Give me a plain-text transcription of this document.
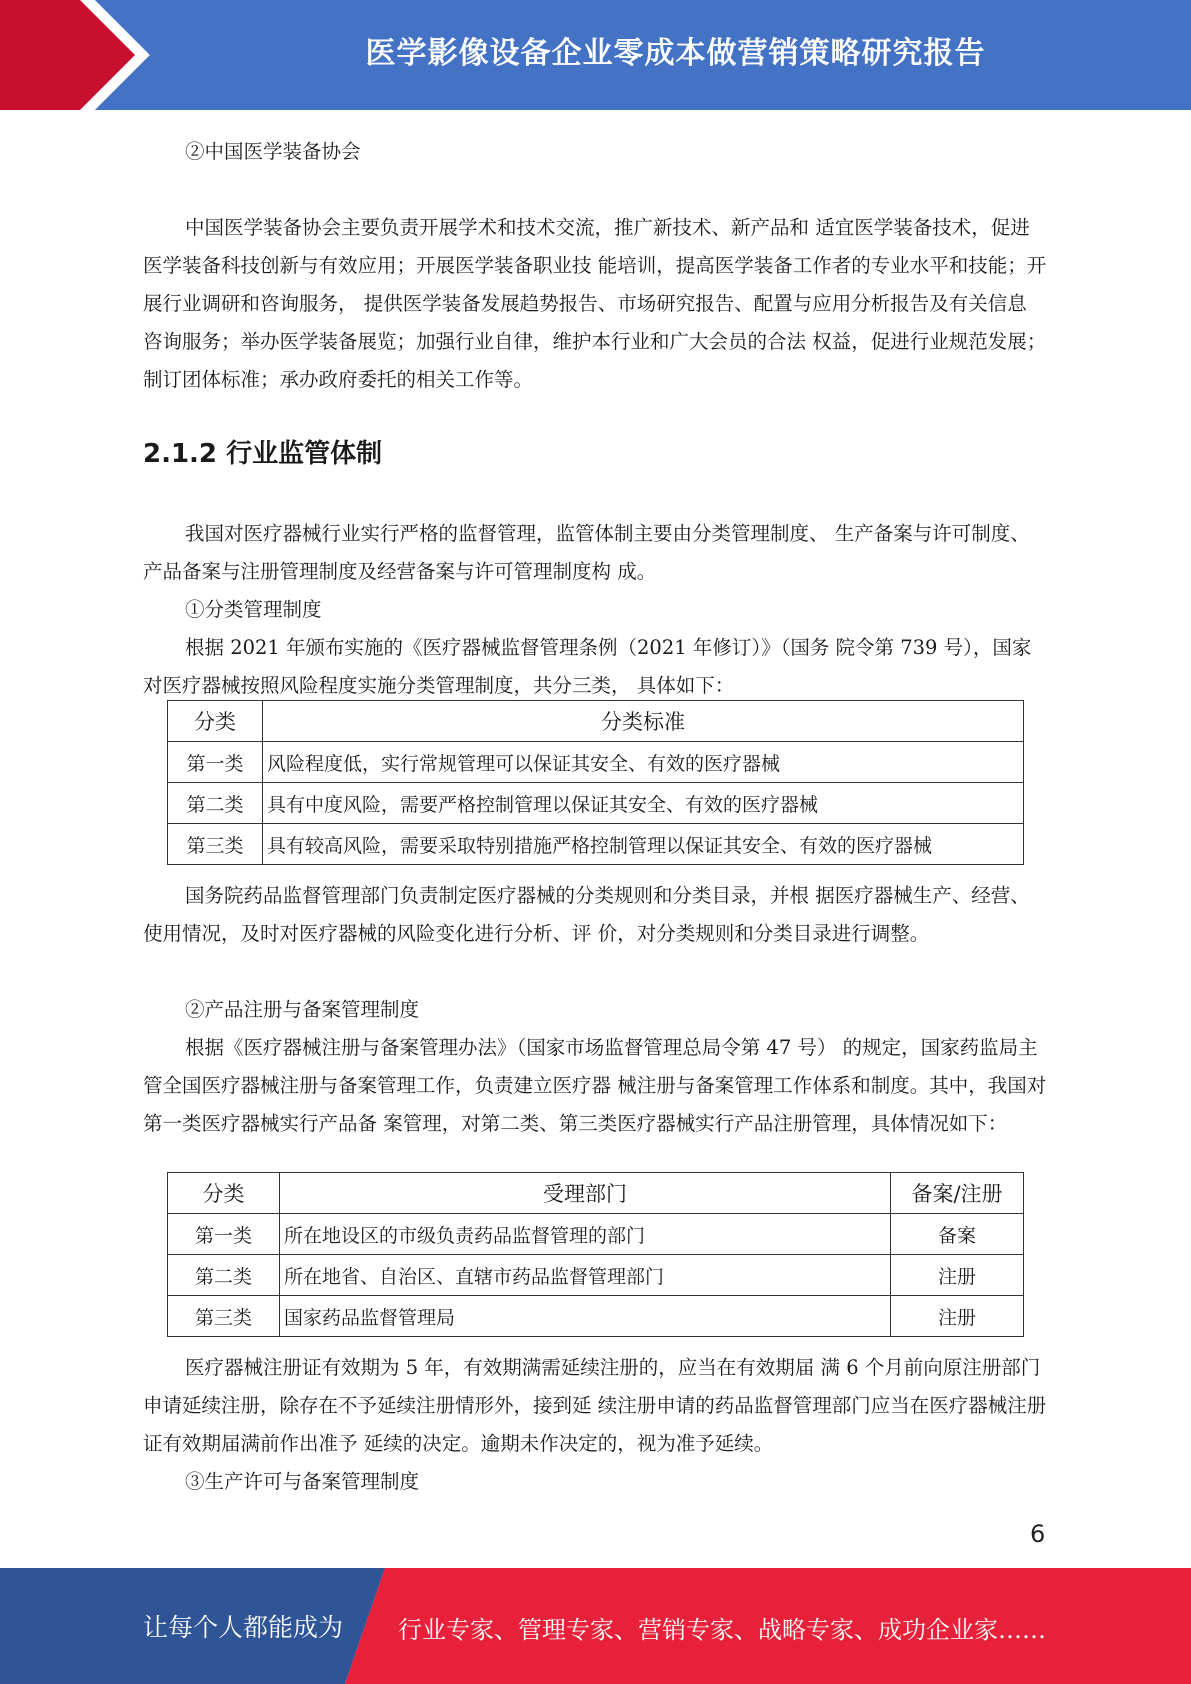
医学影像设备企业零成本做营销策略研究报告

②中国医学装备协会

中国医学装备协会主要负责开展学术和技术交流，推广新技术、新产品和 适宜医学装备技术，促进医学装备科技创新与有效应用；开展医学装备职业技 能培训，提高医学装备工作者的专业水平和技能；开展行业调研和咨询服务， 提供医学装备发展趋势报告、市场研究报告、配置与应用分析报告及有关信息 咨询服务；举办医学装备展览；加强行业自律，维护本行业和广大会员的合法 权益，促进行业规范发展；制订团体标准；承办政府委托的相关工作等。

2.1.2 行业监管体制

我国对医疗器械行业实行严格的监督管理，监管体制主要由分类管理制度、 生产备案与许可制度、产品备案与注册管理制度及经营备案与许可管理制度构 成。

①分类管理制度

根据 2021 年颁布实施的《医疗器械监督管理条例（2021 年修订）》（国务 院令第 739 号），国家对医疗器械按照风险程度实施分类管理制度，共分三类， 具体如下：

分类	分类标准
第一类	风险程度低，实行常规管理可以保证其安全、有效的医疗器械
第二类	具有中度风险，需要严格控制管理以保证其安全、有效的医疗器械
第三类	具有较高风险，需要采取特别措施严格控制管理以保证其安全、有效的医疗器械

国务院药品监督管理部门负责制定医疗器械的分类规则和分类目录，并根 据医疗器械生产、经营、使用情况，及时对医疗器械的风险变化进行分析、评 价，对分类规则和分类目录进行调整。

②产品注册与备案管理制度

根据《医疗器械注册与备案管理办法》（国家市场监督管理总局令第 47 号） 的规定，国家药监局主管全国医疗器械注册与备案管理工作，负责建立医疗器 械注册与备案管理工作体系和制度。其中，我国对第一类医疗器械实行产品备 案管理，对第二类、第三类医疗器械实行产品注册管理，具体情况如下：

分类	受理部门	备案/注册
第一类	所在地设区的市级负责药品监督管理的部门	备案
第二类	所在地省、自治区、直辖市药品监督管理部门	注册
第三类	国家药品监督管理局	注册

医疗器械注册证有效期为 5 年，有效期满需延续注册的，应当在有效期届 满 6 个月前向原注册部门申请延续注册，除存在不予延续注册情形外，接到延 续注册申请的药品监督管理部门应当在医疗器械注册证有效期届满前作出准予 延续的决定。逾期未作决定的，视为准予延续。

③生产许可与备案管理制度

6
让每个人都能成为 行业专家、管理专家、营销专家、战略专家、成功企业家……
